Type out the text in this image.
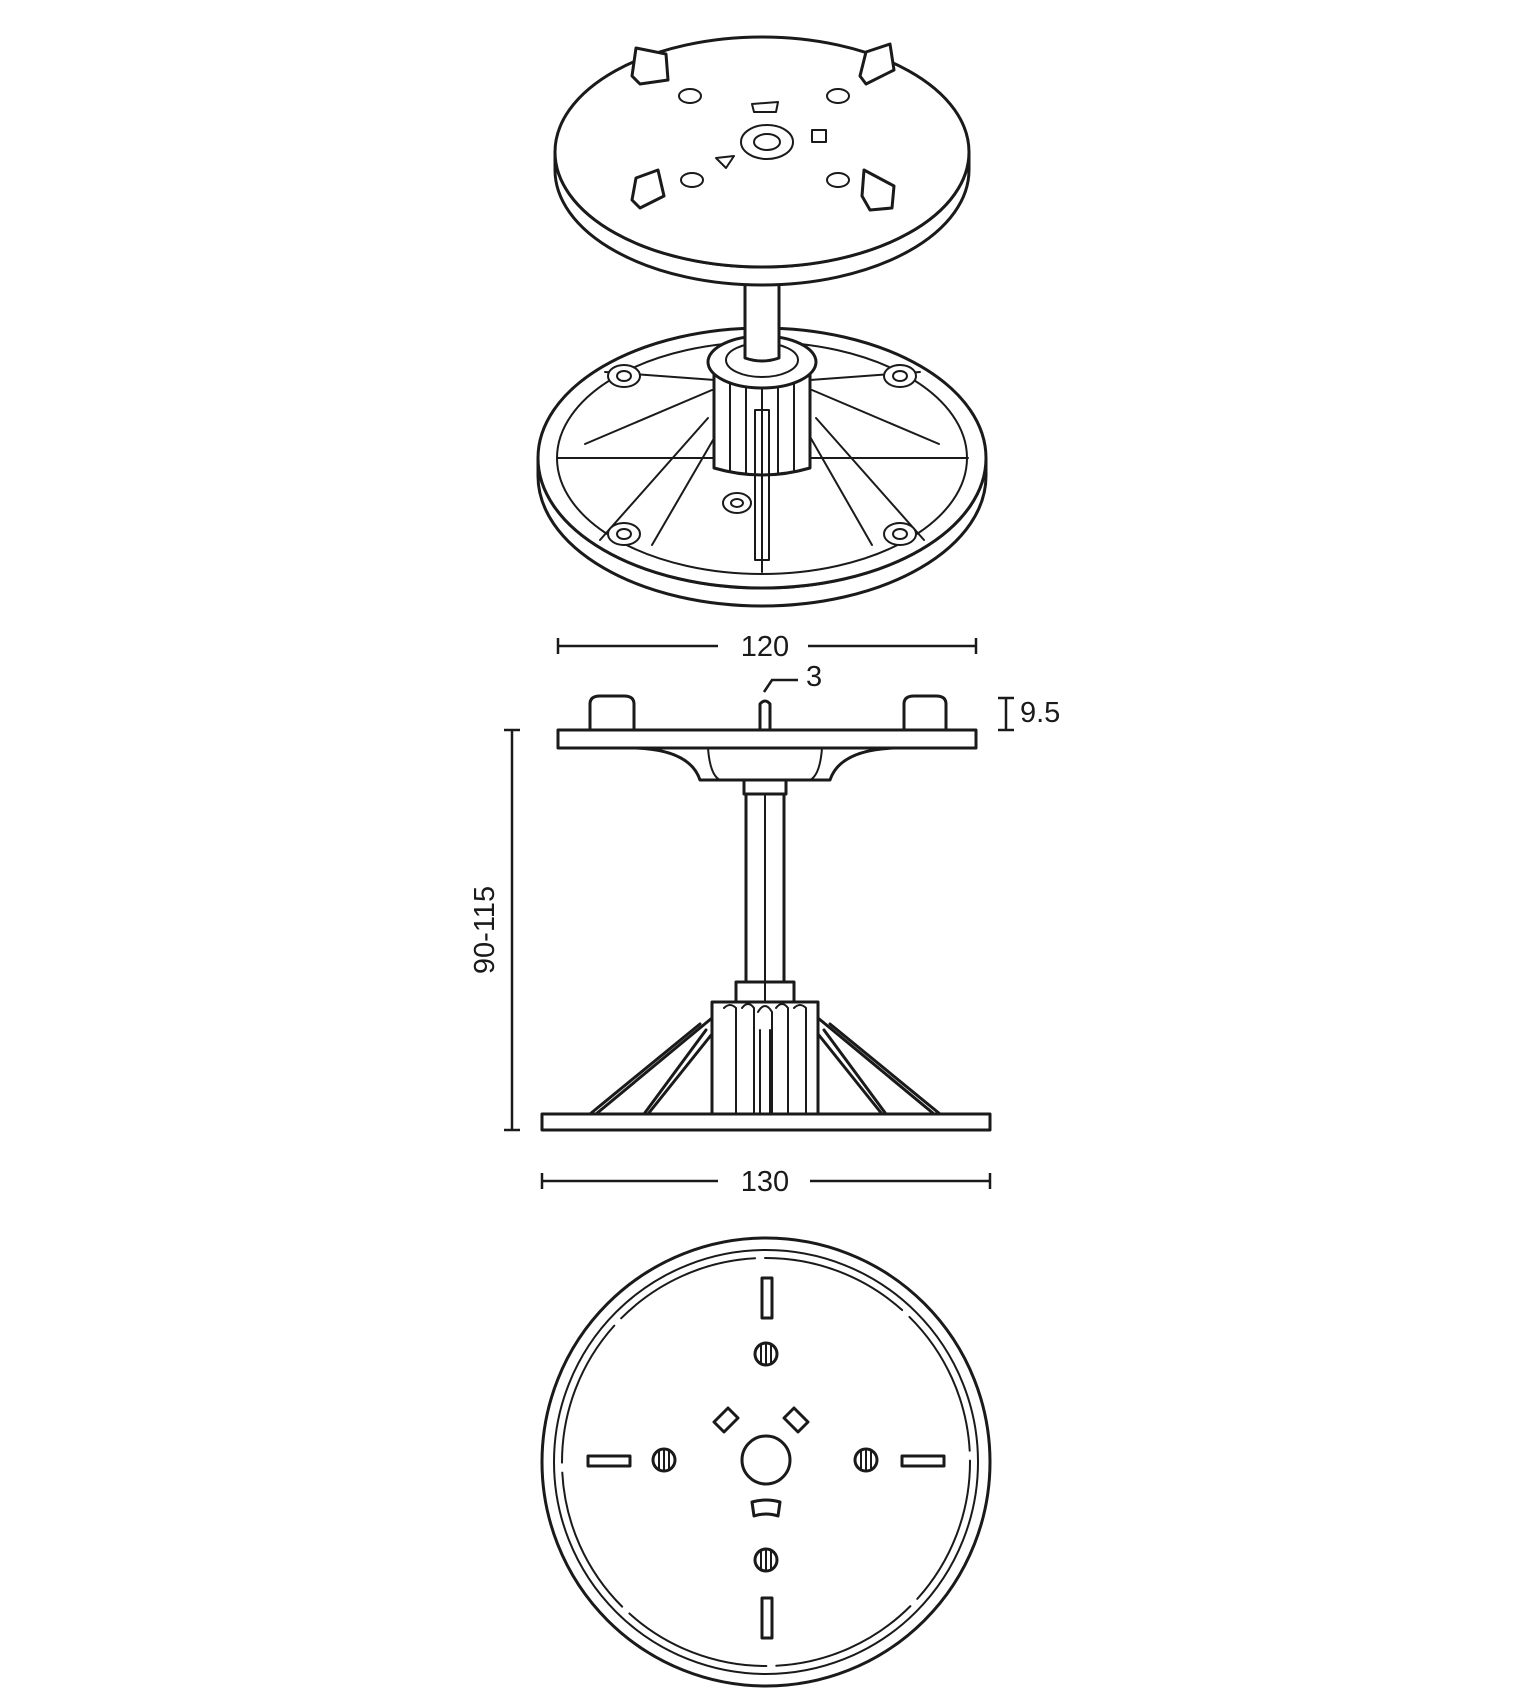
120
3
9.5
90-115
130
